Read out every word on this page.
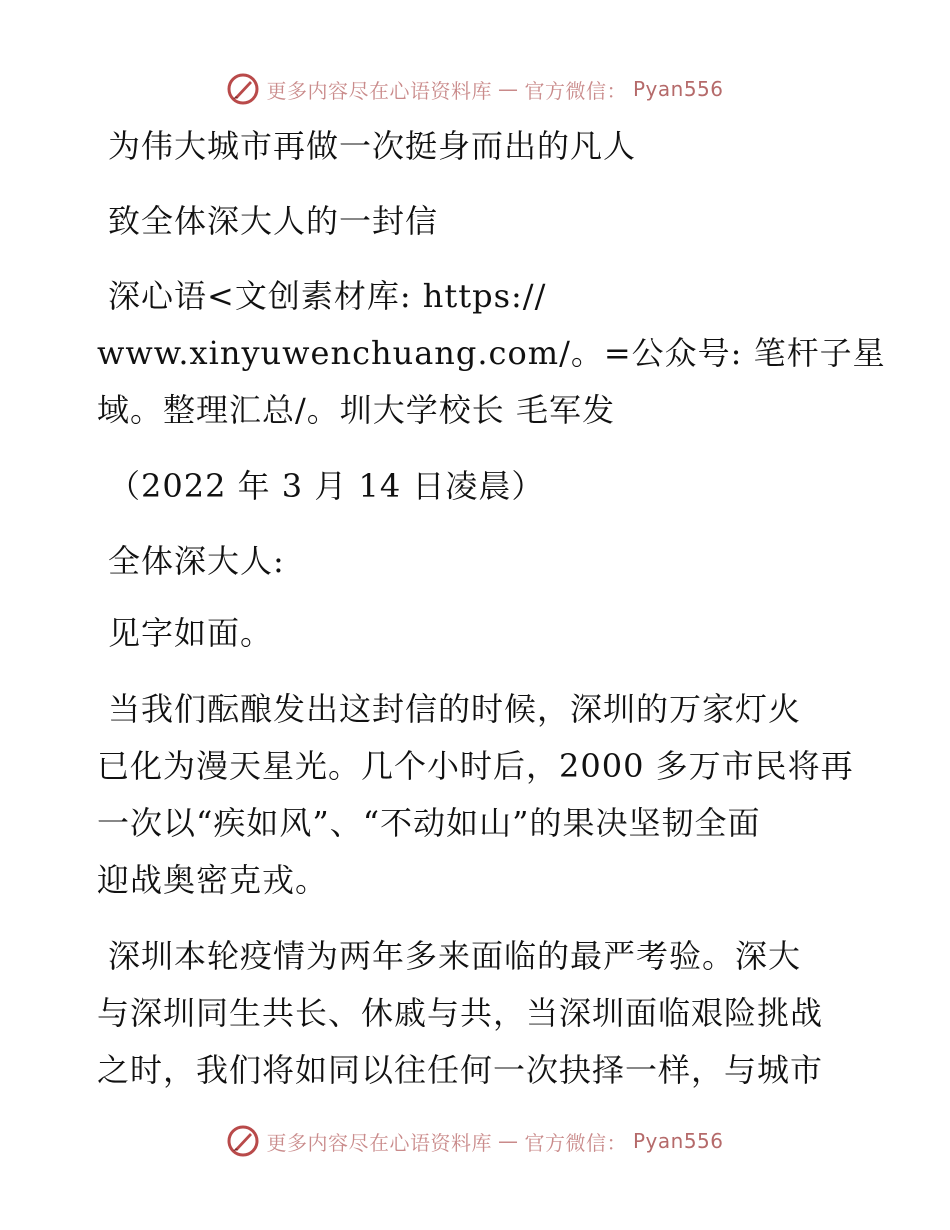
更多内容尽在心语资料库 — 官方微信： Pyan556
为伟大城市再做一次挺身而出的凡人
致全体深大人的一封信
深心语<文创素材库: https://
www.xinyuwenchuang.com/。=公众号: 笔杆子星
域。整理汇总/。圳大学校长 毛军发
（2022 年 3 月 14 日凌晨）
全体深大人:
见字如面。
当我们酝酿发出这封信的时候，深圳的万家灯火
已化为漫天星光。几个小时后，2000 多万市民将再
一次以“疾如风”、“不动如山”的果决坚韧全面
迎战奥密克戎。
深圳本轮疫情为两年多来面临的最严考验。深大
与深圳同生共长、休戚与共，当深圳面临艰险挑战
之时，我们将如同以往任何一次抉择一样，与城市
更多内容尽在心语资料库 — 官方微信： Pyan556
